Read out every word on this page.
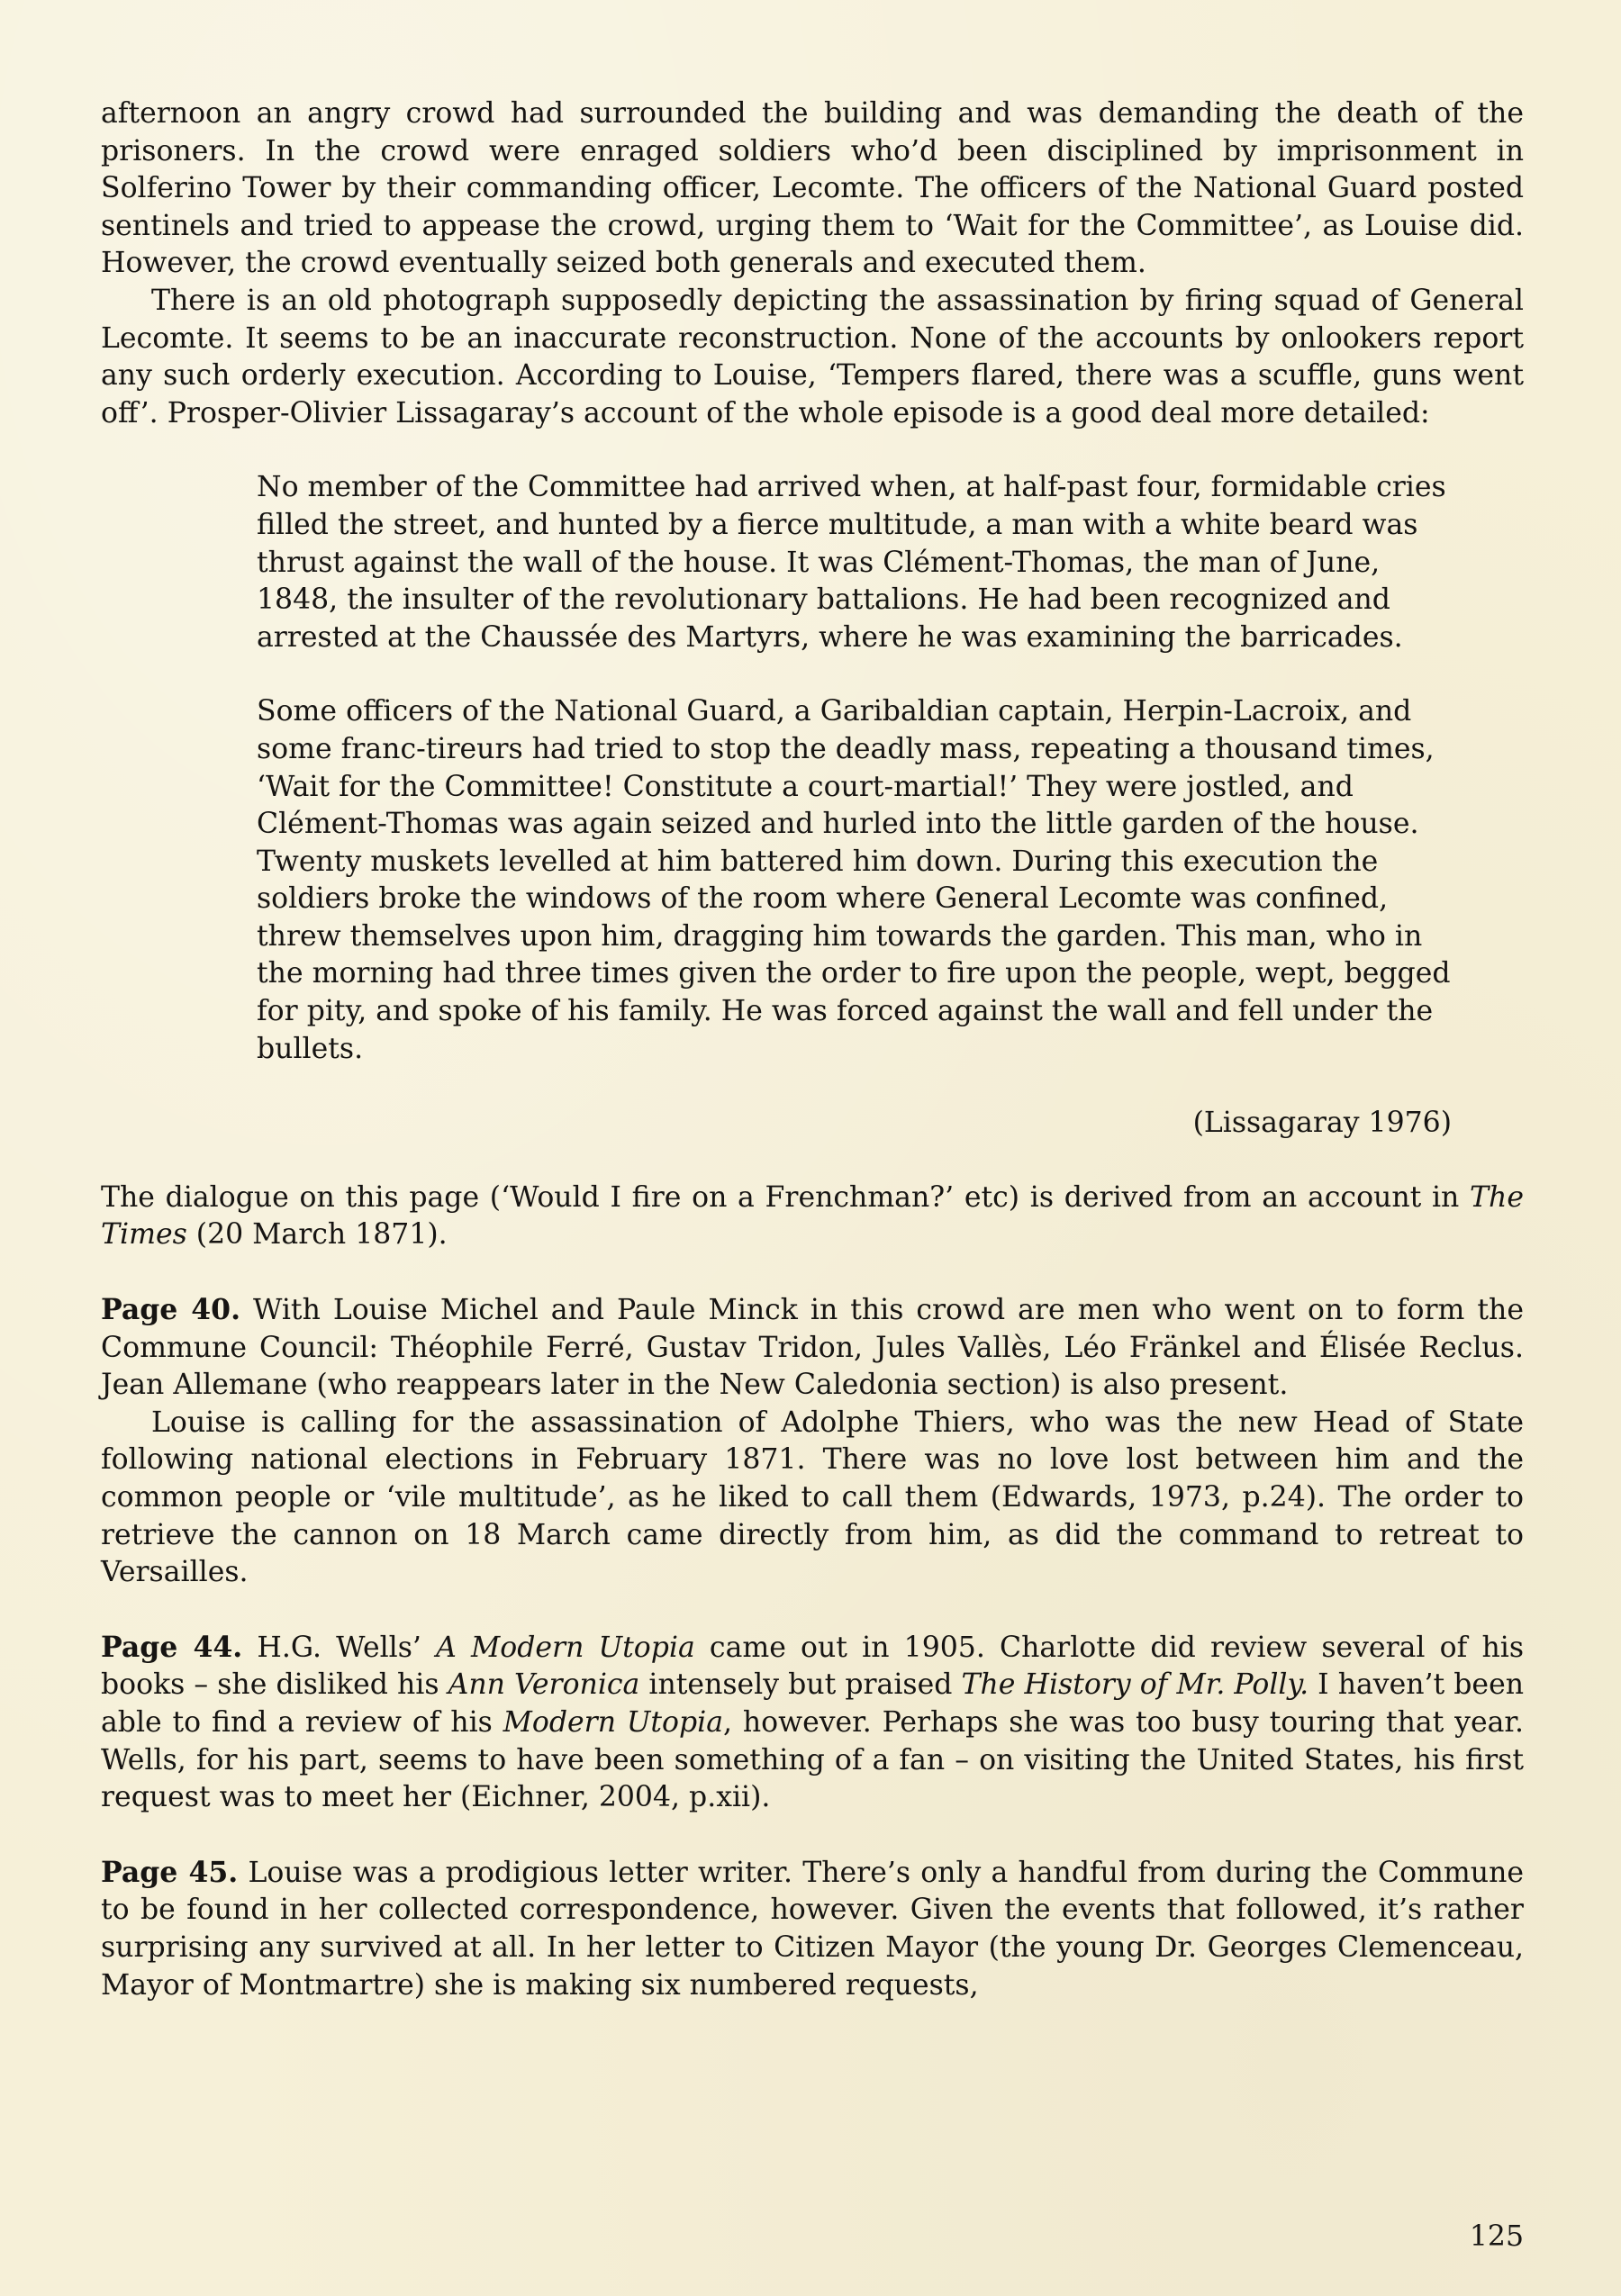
afternoon an angry crowd had surrounded the building and was demanding the death of the prisoners. In the crowd were enraged soldiers who’d been disciplined by imprisonment in Solferino Tower by their commanding officer, Lecomte. The officers of the National Guard posted sentinels and tried to appease the crowd, urging them to ‘Wait for the Committee’, as Louise did. However, the crowd eventually seized both generals and executed them.

There is an old photograph supposedly depicting the assassination by firing squad of General Lecomte. It seems to be an inaccurate reconstruction. None of the accounts by onlookers report any such orderly execution. According to Louise, ‘Tempers flared, there was a scuffle, guns went off’. Prosper-Olivier Lissagaray’s account of the whole episode is a good deal more detailed:

No member of the Committee had arrived when, at half-past four, formidable cries filled the street, and hunted by a fierce multitude, a man with a white beard was thrust against the wall of the house. It was Clément-Thomas, the man of June, 1848, the insulter of the revolutionary battalions. He had been recognized and arrested at the Chaussée des Martyrs, where he was examining the barricades.

Some officers of the National Guard, a Garibaldian captain, Herpin-Lacroix, and some franc-tireurs had tried to stop the deadly mass, repeating a thousand times, ‘Wait for the Committee! Constitute a court-martial!’ They were jostled, and Clément-Thomas was again seized and hurled into the little garden of the house. Twenty muskets levelled at him battered him down. During this execution the soldiers broke the windows of the room where General Lecomte was confined, threw themselves upon him, dragging him towards the garden. This man, who in the morning had three times given the order to fire upon the people, wept, begged for pity, and spoke of his family. He was forced against the wall and fell under the bullets.

(Lissagaray 1976)

The dialogue on this page (‘Would I fire on a Frenchman?’ etc) is derived from an account in The Times (20 March 1871).

Page 40. With Louise Michel and Paule Minck in this crowd are men who went on to form the Commune Council: Théophile Ferré, Gustav Tridon, Jules Vallès, Léo Fränkel and Élisée Reclus. Jean Allemane (who reappears later in the New Caledonia section) is also present.

Louise is calling for the assassination of Adolphe Thiers, who was the new Head of State following national elections in February 1871. There was no love lost between him and the common people or ‘vile multitude’, as he liked to call them (Edwards, 1973, p.24). The order to retrieve the cannon on 18 March came directly from him, as did the command to retreat to Versailles.

Page 44. H.G. Wells’ A Modern Utopia came out in 1905. Charlotte did review several of his books – she disliked his Ann Veronica intensely but praised The History of Mr. Polly. I haven’t been able to find a review of his Modern Utopia, however. Perhaps she was too busy touring that year. Wells, for his part, seems to have been something of a fan – on visiting the United States, his first request was to meet her (Eichner, 2004, p.xii).

Page 45. Louise was a prodigious letter writer. There’s only a handful from during the Commune to be found in her collected correspondence, however. Given the events that followed, it’s rather surprising any survived at all. In her letter to Citizen Mayor (the young Dr. Georges Clemenceau, Mayor of Montmartre) she is making six numbered requests,

125
